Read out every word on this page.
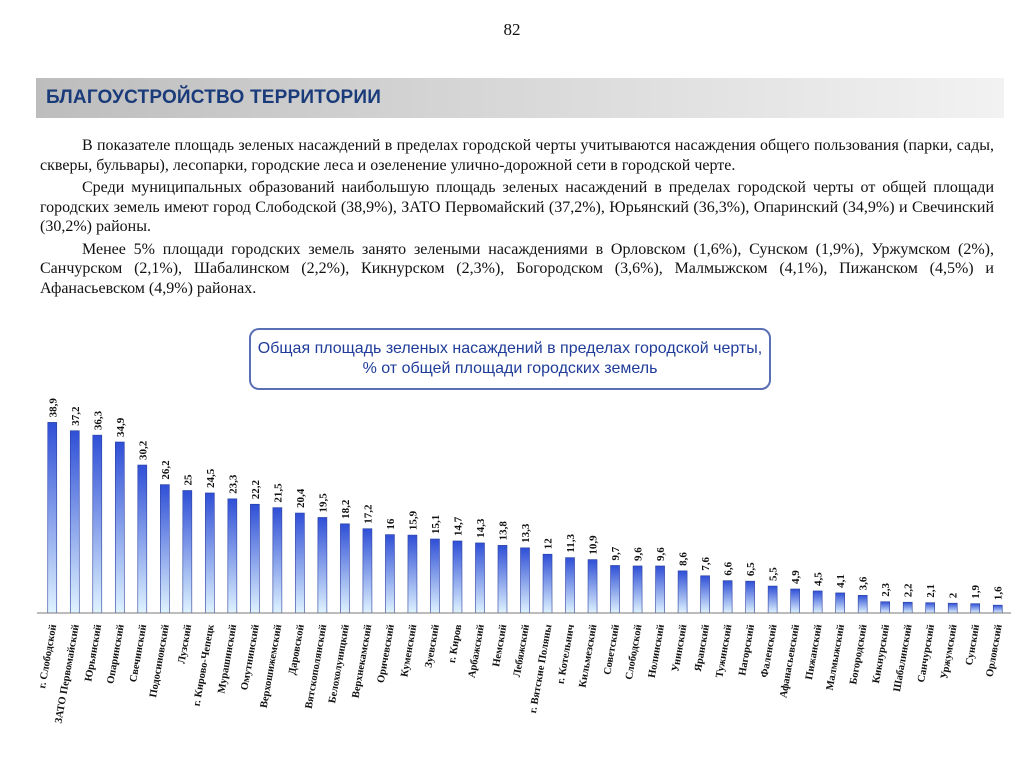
82
БЛАГОУСТРОЙСТВО ТЕРРИТОРИИ

В показателе площадь зеленых насаждений в пределах городской черты учитываются насаждения общего пользования (парки, сады, скверы, бульвары), лесопарки, городские леса и озеленение улично-дорожной сети в городской черте.

Среди муниципальных образований наибольшую площадь зеленых насаждений в пределах городской черты от общей площади городских земель имеют город Слободской (38,9%), ЗАТО Первомайский (37,2%), Юрьянский (36,3%), Опаринский (34,9%) и Свечинский (30,2%) районы.

Менее 5% площади городских земель занято зелеными насаждениями в Орловском (1,6%), Сунском (1,9%), Уржумском (2%), Санчурском (2,1%), Шабалинском (2,2%), Кикнурском (2,3%), Богородском (3,6%), Малмыжском (4,1%), Пижанском (4,5%) и Афанасьевском (4,9%) районах.

38,9 37,2 36,3 34,9
30,2
26,2
25 24,5 23,3 22,2 21,5 20,4 19,5 18,2 17,2
16 15,9 15,1 14,7 14,3 13,8 13,3
12 11,3 10,9 9,7 9,6 9,6 8,6 7,6 6,6 6,5 5,5 4,9 4,5 4,1 3,6 2,3 2,2 2,1 2 1,9 1,6
г. Слободской
ЗАТО Первомайский Юрьянский Опаринский Свечинский
Подосиновский Лузский
г. Кирово-Чепецк Мурашинский Омутнинский
Верхошижемский Даровской
Вятскополянский
Белохолуницкий
Верхнекамский Оричевский Куменский Зуевский г. Киров Арбажский Немский Лебяжский
г. Вятские Поляны г. Котельнич Кильмезский Советский Слободской Нолинский Унинский Яранский Тужинский Нагорский Фаленский
Афанасьевский Пижанский Малмыжский Богородский Кикнурский Шабалинский Санчурский Уржумский Сунский Орловский
Общая площадь зеленых насаждений в пределах городской черты, % от общей площади городских земель
